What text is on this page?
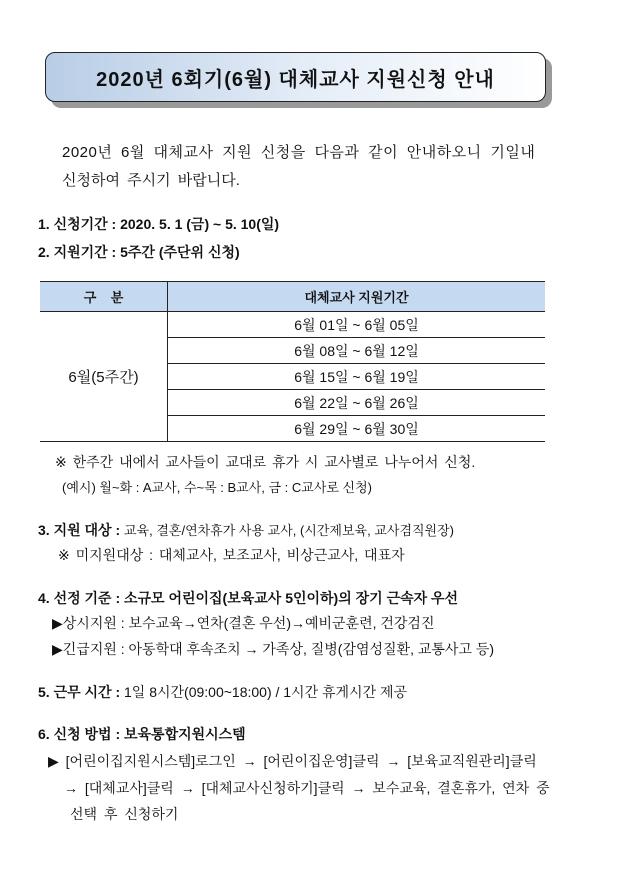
2020년 6회기(6월) 대체교사 지원신청 안내
2020년 6월 대체교사 지원 신청을 다음과 같이 안내하오니 기일내
신청하여 주시기 바랍니다.
1. 신청기간 : 2020. 5. 1 (금) ~ 5. 10(일)
2. 지원기간 : 5주간 (주단위 신청)
구    분	대체교사 지원기간
6월(5주간)	6월 01일 ~ 6월 05일
	6월 08일 ~ 6월 12일
	6월 15일 ~ 6월 19일
	6월 22일 ~ 6월 26일
	6월 29일 ~ 6월 30일
※ 한주간 내에서 교사들이 교대로 휴가 시 교사별로 나누어서 신청.
(예시) 월~화 : A교사, 수~목 : B교사, 금 : C교사로 신청)
3. 지원 대상 : 교육, 결혼/연차휴가 사용 교사, (시간제보육, 교사겸직원장)
※ 미지원대상 : 대체교사, 보조교사, 비상근교사, 대표자
4. 선정 기준 : 소규모 어린이집(보육교사 5인이하)의 장기 근속자 우선
▶상시지원 : 보수교육→연차(결혼 우선)→예비군훈련, 건강검진
▶긴급지원 : 아동학대 후속조치 → 가족상, 질병(감염성질환, 교통사고 등)
5. 근무 시간 : 1일 8시간(09:00~18:00) / 1시간 휴게시간 제공
6. 신청 방법 : 보육통합지원시스템
▶ [어린이집지원시스템]로그인 → [어린이집운영]클릭 → [보육교직원관리]클릭
→ [대체교사]클릭 → [대체교사신청하기]클릭 → 보수교육, 결혼휴가, 연차 중
선택 후 신청하기
